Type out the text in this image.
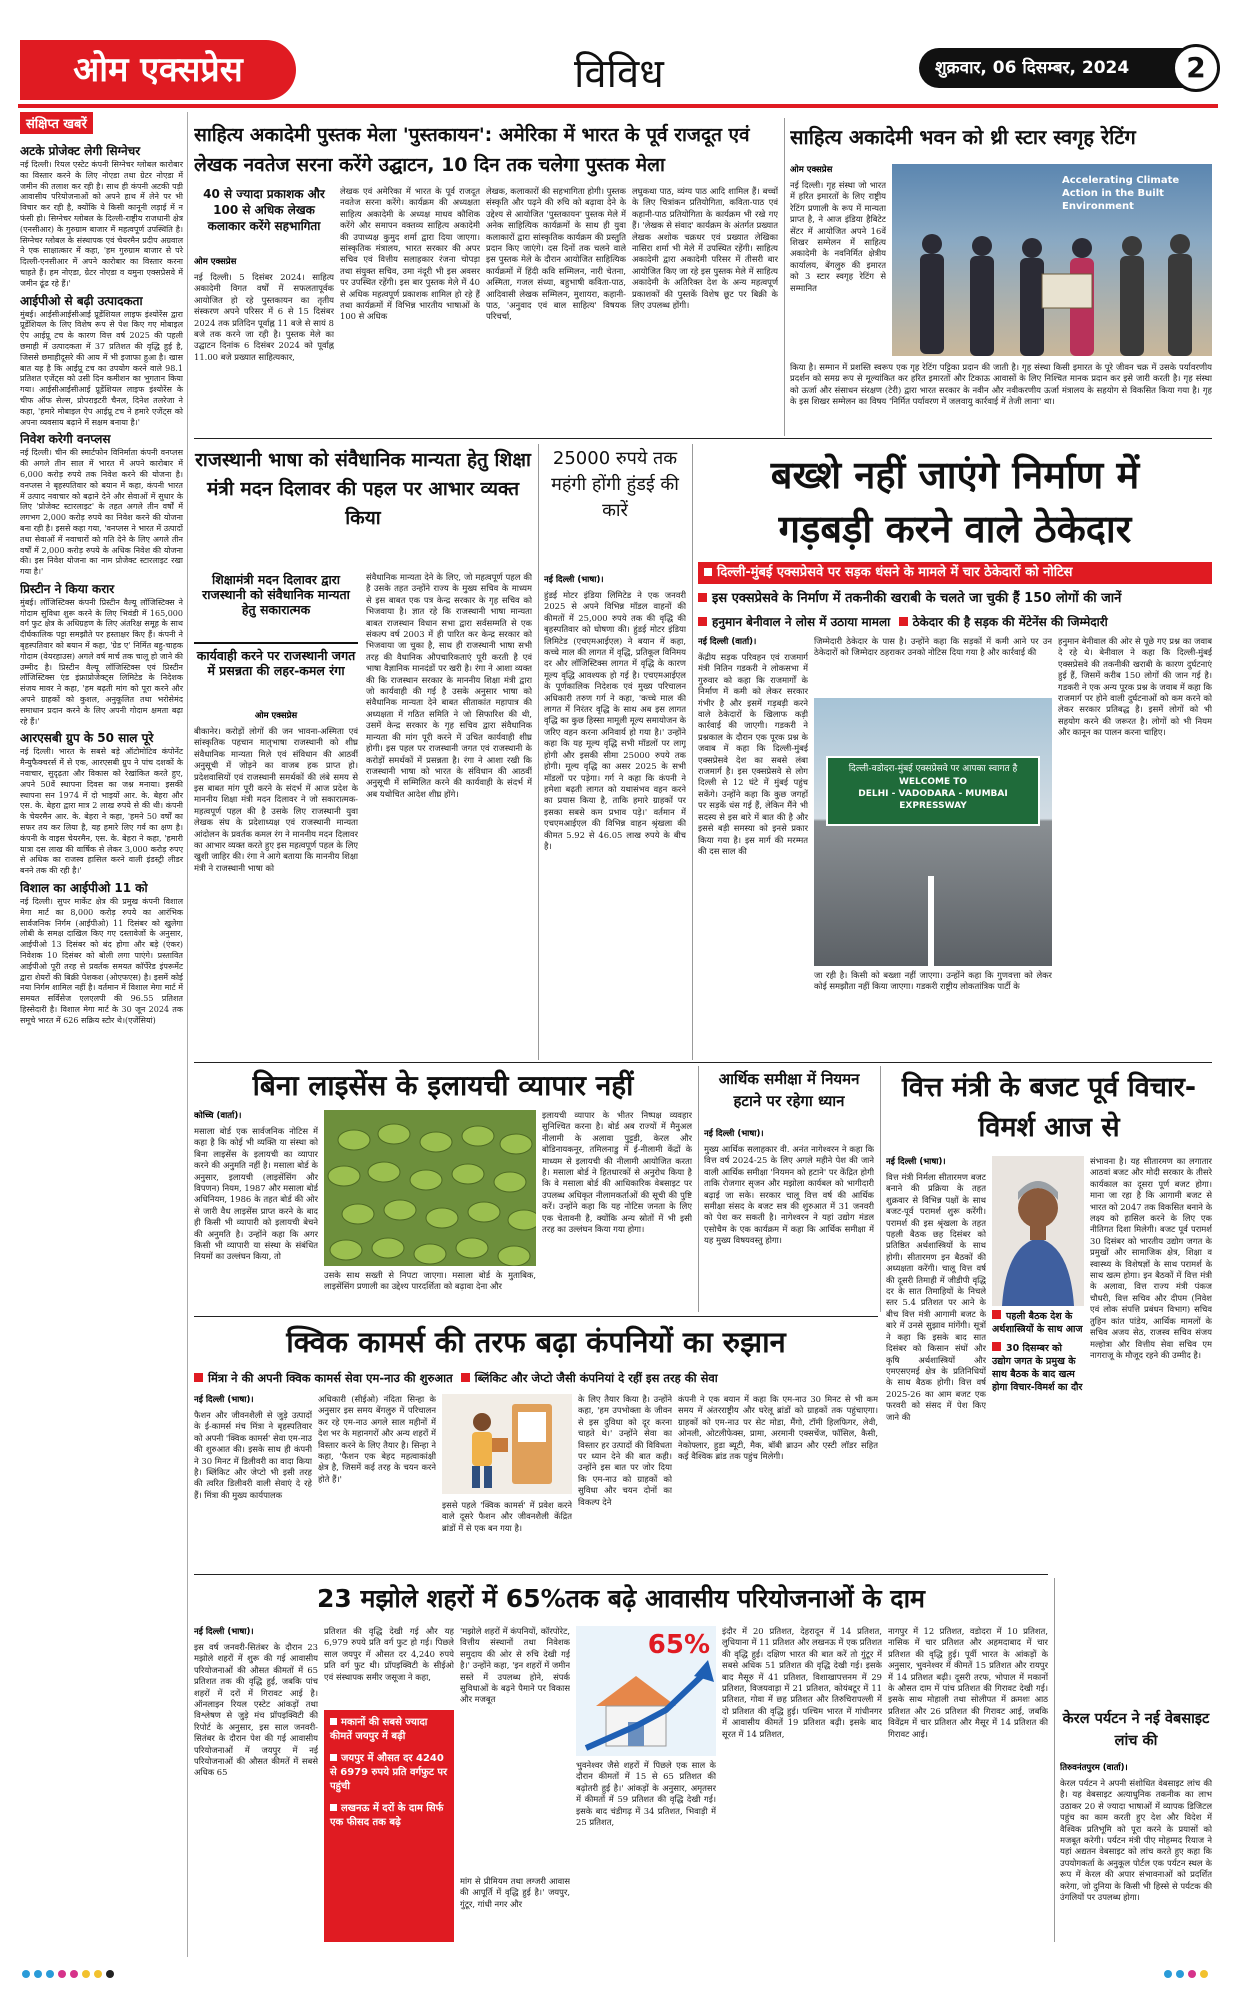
ओम एक्सप्रेस	विविध	शुक्रवार, 06 दिसम्बर, 2024	2
संक्षिप्त खबरें
अटके प्रोजेक्ट लेगी सिग्नेचर
नई दिल्ली। रियल एस्टेट कंपनी सिग्नेचर ग्लोबल कारोबार का विस्तार करने के लिए नोएडा तथा ग्रेटर नोएडा में जमीन की तलाश कर रही है। साथ ही कंपनी अटकी पड़ी आवासीय परियोजनाओं को अपने हाथ में लेने पर भी विचार कर रही है, क्योंकि ये किसी कानूनी लड़ाई में न फंसी हो। सिग्नेचर ग्लोबल के दिल्ली-राष्ट्रीय राजधानी क्षेत्र (एनसीआर) के गुरुग्राम बाजार में महत्वपूर्ण उपस्थिति है। सिग्नेचर ग्लोबल के संस्थापक एवं चेयरमैन प्रदीप अग्रवाल ने एक साक्षात्कार में कहा, 'हम गुरुग्राम बाजार से परे दिल्ली-एनसीआर में अपने कारोबार का विस्तार करना चाहते हैं। हम नोएडा, ग्रेटर नोएडा व यमुना एक्सप्रेसवे में जमीन ढूंढ रहे हैं।'
आईपीओ से बढ़ी उत्पादकता
मुंबई। आईसीआईसीआई प्रूडेंशियल लाइफ इंश्योरेंस द्वारा प्रूडेंशियल के लिए विशेष रूप से पेश किए गए मोबाइल ऐप आईप्रू टच के कारण वित्त वर्ष 2025 की पहली छमाही में उत्पादकता में 37 प्रतिशत की वृद्धि हुई है, जिससे छमाहीदूसरे की आय में भी इजाफा हुआ है। खास बात यह है कि आईप्रू टच का उपयोग करने वाले 98.1 प्रतिशत एजेंट्स को उसी दिन कमीशन का भुगतान किया गया। आईसीआईसीआई प्रूडेंशियल लाइफ इंश्योरेंस के चीफ ऑफ सेल्स, प्रोपराइटरी चैनल, दिनेश तलरेजा ने कहा, 'हमारे मोबाइल ऐप आईप्रू टच ने हमारे एजेंट्स को अपना व्यवसाय बढ़ाने में सक्षम बनाया है।'
निवेश करेगी वनप्लस
नई दिल्ली। चीन की स्मार्टफोन विनिर्माता कंपनी वनप्लस की अगले तीन साल में भारत में अपने कारोबार में 6,000 करोड़ रुपये तक निवेश करने की योजना है। वनप्लस ने बृहस्पतिवार को बयान में कहा, कंपनी भारत में उत्पाद नवाचार को बढ़ाने देने और सेवाओं में सुधार के लिए 'प्रोजेक्ट स्टारलाइट' के तहत अगले तीन वर्षों में लगभग 2,000 करोड़ रुपये का निवेश करने की योजना बना रही है। इससे कहा गया, 'वनप्लस ने भारत में उत्पादों तथा सेवाओं में नवाचारों को गति देने के लिए अगले तीन वर्षों में 2,000 करोड़ रुपये के अधिक निवेश की योजना की। इस निवेश योजना का नाम प्रोजेक्ट स्टारलाइट रखा गया है।'
प्रिस्टीन ने किया करार
मुंबई। लॉजिस्टिक्स कंपनी प्रिस्टीन वैल्यू लॉजिस्टिक्स ने गोदाम सुविधा शुरू करने के लिए भिवंडी में 165,000 वर्ग फुट क्षेत्र के अधिग्रहण के लिए अंतरिक्ष समूह के साथ दीर्घकालिक पट्टा समझौते पर हस्ताक्षर किए हैं। कंपनी ने बृहस्पतिवार को बयान में कहा, 'ग्रेड ए' निर्मित बहु-चाहक गोदाम (वेयरहाउस) अगले वर्ष मार्च तक चालू हो जाने की उम्मीद है। प्रिस्टीन वैल्यू लॉजिस्टिक्स एवं प्रिस्टीन लॉजिस्टिक्स एंड इंफ्राप्रोजेक्ट्स लिमिटेड के निदेशक संजय मावर ने कहा, 'हम बढ़ती मांग को पूरा करने और अपने ग्राहकों को कुशल, अनुकूलित तथा भरोसेमंद समाधान प्रदान करने के लिए अपनी गोदाम क्षमता बढ़ा रहे हैं।'
आरएसबी ग्रुप के 50 साल पूरे
नई दिल्ली। भारत के सबसे बड़े ऑटोमोटिव कंपोनेंट मैन्युफैक्चरर्स में से एक, आरएसबी ग्रुप ने पांच दशकों के नवाचार, सुदृढ़ता और विकास को रेखांकित करते हुए, अपने 50वें स्थापना दिवस का जश्न मनाया। इसकी स्थापना सन 1974 में दो भाइयों आर. के. बेहरा और एस. के. बेहरा द्वारा मात्र 2 लाख रुपये से की थी। कंपनी के चेयरमैन आर. के. बेहरा ने कहा, 'हमने 50 वर्षों का सफर तय कर लिया है, यह हमारे लिए गर्व का क्षण है। कंपनी के वाइस चेयरमैन, एस. के. बेहरा ने कहा, 'हमारी यात्रा दस लाख की वार्षिक से लेकर 3,000 करोड़ रुपए से अधिक का राजस्व हासिल करने वाली इंडस्ट्री लीडर बनने तक की रही है।'
विशाल का आईपीओ 11 को
नई दिल्ली। सुपर मार्केट क्षेत्र की प्रमुख कंपनी विशाल मेगा मार्ट का 8,000 करोड़ रुपये का आरंभिक सार्वजनिक निर्गम (आईपीओ) 11 दिसंबर को खुलेगा लोबी के समक्ष दाखिल किए गए दस्तावेजों के अनुसार, आईपीओ 13 दिसंबर को बंद होगा और बड़े (एंकर) निवेशक 10 दिसंबर को बोली लगा पाएंगे। प्रस्तावित आईपीओ पूरी तरह से प्रवर्तक समयत कॉर्पेरेड इंपरूमेंट द्वारा शेयरों की बिक्री पेशकश (ओएफएस) है। इसमें कोई नया निर्गम शामिल नहीं है। वर्तमान में विशाल मेगा मार्ट में समयत सर्विसेज एलएलपी की 96.55 प्रतिशत हिस्सेदारी है। विशाल मेगा मार्ट के 30 जून 2024 तक समूचे भारत में 626 सक्रिय स्टोर थे।(एजेंसियां)
साहित्य अकादेमी पुस्तक मेला 'पुस्तकायन': अमेरिका में भारत के पूर्व राजदूत एवं लेखक नवतेज सरना करेंगे उद्घाटन, 10 दिन तक चलेगा पुस्तक मेला
40 से ज्यादा प्रकाशक और 100 से अधिक लेखक कलाकार करेंगे सहभागिता
ओम एक्सप्रेस
नई दिल्ली। 5 दिसंबर 2024। साहित्य अकादेमी विगत वर्षों में सफलतापूर्वक आयोजित हो रहे पुस्तकायन का तृतीय संस्करण अपने परिसर में 6 से 15 दिसंबर 2024 तक प्रतिदिन पूर्वाह्न 11 बजे से सायं 8 बजे तक करने जा रही है। पुस्तक मेले का उद्घाटन दिनांक 6 दिसंबर 2024 को पूर्वाह्न 11.00 बजे प्रख्यात साहित्यकार,
लेखक एवं अमेरिका में भारत के पूर्व राजदूत नवतेज सरना करेंगे। कार्यक्रम की अध्यक्षता साहित्य अकादेमी के अध्यक्ष माधव कौशिक करेंगे और समापन वक्तव्य साहित्य अकादेमी की उपाध्यक्ष कुमुद शर्मा द्वारा दिया जाएगा। सांस्कृतिक मंत्रालय, भारत सरकार की अपर सचिव एवं वित्तीय सलाहकार रंजना चोपड़ा तथा संयुक्त सचिव, उमा नंदूरी भी इस अवसर पर उपस्थित रहेंगी। इस बार पुस्तक मेले में 40 से अधिक महत्वपूर्ण प्रकाशक शामिल हो रहे हैं तथा कार्यक्रमों में विभिन्न भारतीय भाषाओं के 100 से अधिक
लेखक, कलाकारों की सहभागिता होगी। पुस्तक संस्कृति और पढ़ने की रुचि को बढ़ावा देने के उद्देश्य से आयोजित 'पुस्तकायन' पुस्तक मेले में अनेक साहित्यिक कार्यक्रमों के साथ ही युवा कलाकारों द्वारा सांस्कृतिक कार्यक्रम की प्रस्तुति प्रदान किए जाएंगे। दस दिनों तक चलने वाले इस पुस्तक मेले के दौरान आयोजित साहित्यिक कार्यक्रमों में हिंदी कवि सम्मिलन, नारी चेतना, अस्मिता, गजल संध्या, बहुभाषी कविता-पाठ, आदिवासी लेखक सम्मिलन, मुशायरा, कहानी-पाठ, 'अनुवाद एवं बाल साहित्य' विषयक परिचर्चा,
लघुकथा पाठ, व्यंग्य पाठ आदि शामिल हैं। बच्चों के लिए चित्रांकन प्रतियोगिता, कविता-पाठ एवं कहानी-पाठ प्रतियोगिता के कार्यक्रम भी रखे गए हैं। 'लेखक से संवाद' कार्यक्रम के अंतर्गत प्रख्यात लेखक अशोक चक्रधर एवं प्रख्यात लेखिका नासिरा शर्मा भी मेले में उपस्थित रहेंगी। साहित्य अकादेमी द्वारा अकादेमी परिसर में तीसरी बार आयोजित किए जा रहे इस पुस्तक मेले में साहित्य अकादेमी के अतिरिक्त देश के अन्य महत्वपूर्ण प्रकाशकों की पुस्तकें विशेष छूट पर बिक्री के लिए उपलब्ध होंगी।
साहित्य अकादेमी भवन को थ्री स्टार स्वगृह रेटिंग
ओम एक्सप्रेस
नई दिल्ली। गृह संस्था जो भारत में हरित इमारतों के लिए राष्ट्रीय रेटिंग प्रणाली के रूप में मान्यता प्राप्त है, ने आज इंडिया हैबिटेट सेंटर में आयोजित अपने 16वें शिखर सम्मेलन में साहित्य अकादेमी के नवनिर्मित क्षेत्रीय कार्यालय, बेंगलुरु की इमारत को 3 स्टार स्वगृह रेटिंग से सम्मानित
Accelerating Climate Action in the Built Environment
किया है। सम्मान में प्रशस्ति स्वरूप एक गृह रेटिंग पट्टिका प्रदान की जाती है। गृह संस्था किसी इमारत के पूरे जीवन चक्र में उसके पर्यावरणीय प्रदर्शन को समग्र रूप से मूल्यांकित कर हरित इमारतों और टिकाऊ आवासों के लिए निश्चित मानक प्रदान कर इसे जारी करती है। गृह संस्था को ऊर्जा और संसाधन संरक्षण (टेरी) द्वारा भारत सरकार के नवीन और नवीकरणीय ऊर्जा मंत्रालय के सहयोग से विकसित किया गया है। गृह के इस शिखर सम्मेलन का विषय 'निर्मित पर्यावरण में जलवायु कार्रवाई में तेजी लाना' था।
राजस्थानी भाषा को संवैधानिक मान्यता हेतु शिक्षा मंत्री मदन दिलावर की पहल पर आभार व्यक्त किया
शिक्षामंत्री मदन दिलावर द्वारा राजस्थानी को संवैधानिक मान्यता हेतु सकारात्मक
कार्यवाही करने पर राजस्थानी जगत में प्रसन्नता की लहर-कमल रंगा
ओम एक्सप्रेस
बीकानेर। करोड़ों लोगों की जन भावना-अस्मिता एवं सांस्कृतिक पहचान मातृभाषा राजस्थानी को शीघ्र संवैधानिक मान्यता मिले एवं संविधान की आठवीं अनुसूची में जोड़ने का वाजब हक प्राप्त हो। प्रदेशवासियों एवं राजस्थानी समर्थकों की लंबे समय से इस बाबत मांग पूरी करने के संदर्भ में आज प्रदेश के माननीय शिक्षा मंत्री मदन दिलावर ने जो सकारात्मक-महत्वपूर्ण पहल की है उसके लिए राजस्थानी युवा लेखक संघ के प्रदेशाध्यक्ष एवं राजस्थानी मान्यता आंदोलन के प्रवर्तक कमल रंग ने माननीय मदन दिलावर का आभार व्यक्त करते हुए इस महत्वपूर्ण पहल के लिए खुशी जाहिर की। रंगा ने आगे बताया कि माननीय शिक्षा मंत्री ने राजस्थानी भाषा को
संवैधानिक मान्यता देने के लिए, जो महत्वपूर्ण पहल की है उसके तहत उन्होंने राज्य के मुख्य सचिव के माध्यम से इस बाबत एक पत्र केन्द्र सरकार के गृह सचिव को भिजवाया है। ज्ञात रहे कि राजस्थानी भाषा मान्यता बाबत राजस्थान विधान सभा द्वारा सर्वसम्मति से एक संकल्प वर्ष 2003 में ही पारित कर केन्द्र सरकार को भिजवाया जा चुका है, साथ ही राजस्थानी भाषा सभी तरह की वैधानिक औपचारिकताएं पूरी करती है एवं भाषा वैज्ञानिक मानदंडों पर खरी है। रंगा ने आशा व्यक्त की कि राजस्थान सरकार के माननीय शिक्षा मंत्री द्वारा जो कार्यवाही की गई है उसके अनुसार भाषा को संवैधानिक मान्यता देने बाबत सीताकांत महापात्र की अध्यक्षता में गठित समिति ने जो सिफारिश की थी, उसमें केन्द्र सरकार के गृह सचिव द्वारा संवैधानिक मान्यता की मांग पूरी करने में उचित कार्यवाही शीघ्र होगी। इस पहल पर राजस्थानी जगत एवं राजस्थानी के करोड़ों समर्थकों में प्रसन्नता है। रंगा ने आशा रखी कि राजस्थानी भाषा को भारत के संविधान की आठवीं अनुसूची में सम्मिलित करने की कार्यवाही के संदर्भ में अब यथोचित आदेश शीघ्र होंगे।
25000 रुपये तक महंगी होंगी हुंडई की कारें
नई दिल्ली (भाषा)।
हुंडई मोटर इंडिया लिमिटेड ने एक जनवरी 2025 से अपने विभिन्न मॉडल वाहनों की कीमतों में 25,000 रुपये तक की वृद्धि की बृहस्पतिवार को घोषणा की। हुंडई मोटर इंडिया लिमिटेड (एचएमआईएल) ने बयान में कहा, कच्चे माल की लागत में वृद्धि, प्रतिकूल विनिमय दर और लॉजिस्टिक्स लागत में वृद्धि के कारण मूल्य वृद्धि आवश्यक हो गई है। एचएमआईएल के पूर्णकालिक निदेशक एवं मुख्य परिचालन अधिकारी तरुण गर्ग ने कहा, 'कच्चे माल की लागत में निरंतर वृद्धि के साथ अब इस लागत वृद्धि का कुछ हिस्सा मामूली मूल्य समायोजन के जरिए वहन करना अनिवार्य हो गया है।' उन्होंने कहा कि यह मूल्य वृद्धि सभी मॉडलों पर लागू होगी और इसकी सीमा 25000 रुपये तक होगी। मूल्य वृद्धि का असर 2025 के सभी मॉडलों पर पड़ेगा। गर्ग ने कहा कि कंपनी ने हमेशा बढ़ती लागत को यथासंभव वहन करने का प्रयास किया है, ताकि हमारे ग्राहकों पर इसका सबसे कम प्रभाव पड़े।' वर्तमान में एचएमआईएल की विभिन्न वाहन श्रृंखला की कीमत 5.92 से 46.05 लाख रुपये के बीच है।
बख्शे नहीं जाएंगे निर्माण में
गड़बड़ी करने वाले ठेकेदार
दिल्ली-मुंबई एक्सप्रेसवे पर सड़क धंसने के मामले में चार ठेकेदारों को नोटिस
इस एक्सप्रेसवे के निर्माण में तकनीकी खराबी के चलते जा चुकी हैं 150 लोगों की जानें
हनुमान बेनीवाल ने लोस में उठाया मामला ठेकेदार की है सड़क की मेंटेनेंस की जिम्मेदारी
नई दिल्ली (वार्ता)।
केंद्रीय सड़क परिवहन एवं राजमार्ग मंत्री नितिन गडकरी ने लोकसभा में गुरुवार को कहा कि राजमार्गों के निर्माण में कमी को लेकर सरकार गंभीर है और इसमें गड़बड़ी करने वाले ठेकेदारों के खिलाफ कड़ी कार्रवाई की जाएगी। गडकरी ने प्रश्नकाल के दौरान एक पूरक प्रश्न के जवाब में कहा कि दिल्ली-मुंबई एक्सप्रेसवे देश का सबसे लंबा राजमार्ग है। इस एक्सप्रेसवे से लोग दिल्ली से 12 घंटे में मुंबई पहुंच सकेंगे। उन्होंने कहा कि कुछ जगहों पर सड़कें धंस गई हैं, लेकिन मैंने भी सदस्य से इस बारे में बात की है और इससे बड़ी समस्या को इनसे प्रकार किया गया है। इस मार्ग की मरम्मत की दस साल की
जिम्मेदारी ठेकेदार के पास है। उन्होंने कहा कि सड़कों में कमी आने पर उन ठेकेदारों को जिम्मेदार ठहराकर उनको नोटिस दिया गया है और कार्रवाई की
दिल्ली-वडोदरा-मुंबई एक्सप्रेसवे पर आपका स्वागत है
WELCOME TO
DELHI - VADODARA - MUMBAI EXPRESSWAY
जा रही है। किसी को बख्शा नहीं जाएगा। उन्होंने कहा कि गुणवत्ता को लेकर कोई समझौता नहीं किया जाएगा। गडकरी राष्ट्रीय लोकतांत्रिक पार्टी के
हनुमान बेनीवाल की ओर से पूछे गए प्रश्न का जवाब दे रहे थे। बेनीवाल ने कहा कि दिल्ली-मुंबई एक्सप्रेसवे की तकनीकी खराबी के कारण दुर्घटनाएं हुई हैं, जिसमें करीब 150 लोगों की जान गई है। गडकरी ने एक अन्य पूरक प्रश्न के जवाब में कहा कि राजमार्ग पर होने वाली दुर्घटनाओं को कम करने को लेकर सरकार प्रतिबद्ध है। इसमें लोगों को भी सहयोग करने की जरूरत है। लोगों को भी नियम और कानून का पालन करना चाहिए।
बिना लाइसेंस के इलायची व्यापार नहीं
कोच्चि (वार्ता)।
मसाला बोर्ड एक सार्वजनिक नोटिस में कहा है कि कोई भी व्यक्ति या संस्था को बिना लाइसेंस के इलायची का व्यापार करने की अनुमति नहीं है। मसाला बोर्ड के अनुसार, इलायची (लाइसेंसिंग और विपणन) नियम, 1987 और मसाला बोर्ड अधिनियम, 1986 के तहत बोर्ड की ओर से जारी वैध लाइसेंस प्राप्त करने के बाद ही किसी भी व्यापारी को इलायची बेचने की अनुमति है। उन्होंने कहा कि अगर किसी भी व्यापारी या संस्था के संबंधित नियमों का उल्लंघन किया, तो
उसके साथ सख्ती से निपटा जाएगा। मसाला बोर्ड के मुताबिक, लाइसेंसिंग प्रणाली का उद्देश्य पारदर्शिता को बढ़ावा देना और
इलायची व्यापार के भीतर निष्पक्ष व्यवहार सुनिश्चित करना है। बोर्ड अब राज्यों में मैनुअल नीलामी के अलावा पुट्टडी, केरल और बोडिनायकनूर, तमिलनाडु में ई-नीलामी केंद्रों के माध्यम से इलायची की नीलामी आयोजित करता है। मसाला बोर्ड ने हितधारकों से अनुरोध किया है कि वे मसाला बोर्ड की आधिकारिक वेबसाइट पर उपलब्ध अधिकृत नीलामकर्ताओं की सूची की पुष्टि करें। उन्होंने कहा कि यह नोटिस जनता के लिए एक चेतावनी है, क्योंकि अन्य स्रोतों में भी इसी तरह का उल्लंघन किया गया होगा।
आर्थिक समीक्षा में नियमन हटाने पर रहेगा ध्यान
नई दिल्ली (भाषा)।
मुख्य आर्थिक सलाहकार वी. अनंत नागेश्वरन ने कहा कि वित्त वर्ष 2024-25 के लिए अगले महीने पेश की जाने वाली आर्थिक समीक्षा 'नियमन को हटाने' पर केंद्रित होगी ताकि रोजगार सृजन और मझोला कार्यबल को भागीदारी बढ़ाई जा सके। सरकार चालू वित्त वर्ष की आर्थिक समीक्षा संसद के बजट सत्र की शुरुआत में 31 जनवरी को पेश कर सकती है। नागेश्वरन ने यहां उद्योग मंडल एसोचैम के एक कार्यक्रम में कहा कि आर्थिक समीक्षा में यह मुख्य विषयवस्तु होगा।
वित्त मंत्री के बजट पूर्व विचार-विमर्श आज से
नई दिल्ली (भाषा)।
वित्त मंत्री निर्मला सीतारमण बजट बनाने की प्रक्रिया के तहत शुक्रवार से विभिन्न पक्षों के साथ बजट-पूर्व परामर्श शुरू करेंगी। परामर्श की इस श्रृंखला के तहत पहली बैठक छह दिसंबर को प्रतिष्ठित अर्थशास्त्रियों के साथ होगी। सीतारमण इन बैठकों की अध्यक्षता करेंगी। चालू वित्त वर्ष की दूसरी तिमाही में जीडीपी वृद्धि दर के सात तिमाहियों के निचले स्तर 5.4 प्रतिशत पर आने के बीच वित्त मंत्री आगामी बजट के बारे में उनसे सुझाव मांगेंगी। सूत्रों ने कहा कि इसके बाद सात दिसंबर को किसान संघों और कृषि अर्थशास्त्रियों और एमएसएमई क्षेत्र के प्रतिनिधियों के साथ बैठक होगी। वित्त वर्ष 2025-26 का आम बजट एक फरवरी को संसद में पेश किए जाने की
पहली बैठक देश के अर्थशास्त्रियों के साथ आज
30 दिसम्बर को उद्योग जगत के प्रमुख के साथ बैठक के बाद खत्म होगा विचार-विमर्श का दौर
संभावना है। यह सीतारमण का लगातार आठवां बजट और मोदी सरकार के तीसरे कार्यकाल का दूसरा पूर्ण बजट होगा। माना जा रहा है कि आगामी बजट से भारत को 2047 तक विकसित बनाने के लक्ष्य को हासिल करने के लिए एक नीतिगत दिशा मिलेगी। बजट पूर्व परामर्श 30 दिसंबर को भारतीय उद्योग जगत के प्रमुखों और सामाजिक क्षेत्र, शिक्षा व स्वास्थ्य के विशेषज्ञों के साथ परामर्श के साथ खत्म होगा। इन बैठकों में वित्त मंत्री के अलावा, वित्त राज्य मंत्री पंकज चौधरी, वित्त सचिव और दीपम (निवेश एवं लोक संपत्ति प्रबंधन विभाग) सचिव तुहिन कांत पांडेय, आर्थिक मामलों के सचिव अजय सेठ, राजस्व सचिव संजय मल्होत्रा और वित्तीय सेवा सचिव एम नागराजू के मौजूद रहने की उम्मीद है।
क्विक कामर्स की तरफ बढ़ा कंपनियों का रुझान
मिंत्रा ने की अपनी क्विक कामर्स सेवा एम-नाउ की शुरुआत ब्लिंकिट और जेप्टो जैसी कंपनियां दे रहीं इस तरह की सेवा
नई दिल्ली (भाषा)।
फैशन और जीवनशैली से जुड़े उत्पादों के ई-कामर्स मंच मिंत्रा ने बृहस्पतिवार को अपनी 'क्विक कामर्स' सेवा एम-नाउ की शुरुआत की। इसके साथ ही कंपनी ने 30 मिनट में डिलीवरी का वादा किया है। ब्लिंकिट और जेप्टो भी इसी तरह की त्वरित डिलीवरी वाली सेवाएं दे रहे हैं। मिंत्रा की मुख्य कार्यपालक
अधिकारी (सीईओ) नंदिता सिन्हा के अनुसार इस समय बेंगलुरु में परिचालन कर रहे एम-नाउ अगले साल महीनों में देश भर के महानगरों और अन्य शहरों में विस्तार करने के लिए तैयार है। सिन्हा ने कहा, 'फैशन एक बेहद महत्वाकांक्षी क्षेत्र है, जिसमें कई तरह के चयन करने होते हैं।'
के लिए तैयार किया है। उन्होंने कहा, 'हम उपभोक्ता के जीवन से इस दुविधा को दूर करना चाहते थे।' उन्होंने सेवा का विस्तार हर उत्पादों की विविधता पर ध्यान देने की बात कही। उन्होंने इस बात पर जोर दिया कि एम-नाउ को ग्राहकों को सुविधा और चयन दोनों का विकल्प देने
इससे पहले 'क्विक कामर्स' में प्रवेश करने वाले दूसरे फैशन और जीवनशैली केंद्रित ब्रांडों में से एक बन गया है।
कंपनी ने एक बयान में कहा कि एम-नाउ 30 मिनट से भी कम समय में अंतरराष्ट्रीय और घरेलू ब्रांडों को ग्राहकों तक पहुंचाएगा। ग्राहकों को एम-नाउ पर सेट मोडा, मैंगो, टॉमी हिलफिगर, लेवी, ओनली, ओटलीफेक्स, प्रामा, अरमानी एक्सचेंज, फॉसिल, कैसी, नेकोफ्लार, हुडा ब्यूटी, मैक, बॉबी ब्राउन और एस्टी लॉडर सहित कई वैश्विक ब्रांड तक पहुंच मिलेगी।
23 मझोले शहरों में 65%तक बढ़े आवासीय परियोजनाओं के दाम
नई दिल्ली (भाषा)।
इस वर्ष जनवरी-सितंबर के दौरान 23 मझोले शहरों में शुरू की गई आवासीय परियोजनाओं की औसत कीमतों में 65 प्रतिशत तक की वृद्धि हुई, जबकि पांच शहरों में दरों में गिरावट आई है। ऑनलाइन रियल एस्टेट आंकड़ों तथा विश्लेषण से जुड़े मंच प्रॉपइक्विटी की रिपोर्ट के अनुसार, इस साल जनवरी-सितंबर के दौरान पेश की गई आवासीय परियोजनाओं में जयपुर में नई परियोजनाओं की औसत कीमतें में सबसे अधिक 65
प्रतिशत की वृद्धि देखी गई और यह 6,979 रुपये प्रति वर्ग फुट हो गई। पिछले साल जयपुर में औसत दर 4,240 रुपये प्रति वर्ग फुट थी। प्रॉपइक्विटी के सीईओ एवं संस्थापक समीर जसूजा ने कहा,
मकानों की सबसे ज्यादा कीमतें जयपुर में बढ़ी
जयपुर में औसत दर 4240 से 6979 रुपये प्रति वर्गफुट पर पहुंची
लखनऊ में दरों के दाम सिर्फ एक फीसद तक बढ़े
'मझोले शहरों में कंपनियों, कॉरपोरेट, वित्तीय संस्थानों तथा निवेशक समुदाय की ओर से रुचि देखी गई है।' उन्होंने कहा, 'इन शहरों में जमीन सस्ते में उपलब्ध होने, संपर्क सुविधाओं के बढ़ने पैमाने पर विकास और मजबूत
मांग से प्रीमियम तथा लग्जरी आवास की आपूर्ति में वृद्धि हुई है।' जयपुर, गुंटूर, गांधी नगर और
65%
भुवनेश्वर जैसे शहरों में पिछले एक साल के दौरान कीमतों में 15 से 65 प्रतिशत की बढ़ोतरी हुई है।' आंकड़ों के अनुसार, अमृतसर में कीमतों में 59 प्रतिशत की वृद्धि देखी गई। इसके बाद चंडीगढ़ में 34 प्रतिशत, भिवाड़ी में 25 प्रतिशत,
इंदौर में 20 प्रतिशत, देहरादून में 14 प्रतिशत, लुधियाना में 11 प्रतिशत और लखनऊ में एक प्रतिशत की वृद्धि हुई। दक्षिण भारत की बात करें तो गुंटूर में सबसे अधिक 51 प्रतिशत की वृद्धि देखी गई। इसके बाद मैसूरु में 41 प्रतिशत, विशाखापत्तनम में 29 प्रतिशत, विजयवाड़ा में 21 प्रतिशत, कोयंबटूर में 11 प्रतिशत, गोवा में छह प्रतिशत और तिरुचिरापल्ली में दो प्रतिशत की वृद्धि हुई। पश्चिम भारत में गांधीनगर में आवासीय कीमतें 19 प्रतिशत बढ़ी। इसके बाद सूरत में 14 प्रतिशत,
नागपुर में 12 प्रतिशत, वडोदरा में 10 प्रतिशत, नासिक में चार प्रतिशत और अहमदाबाद में चार प्रतिशत की वृद्धि हुई। पूर्वी भारत के आंकड़ों के अनुसार, भुवनेश्वर में कीमतें 15 प्रतिशत और रायपुर में 14 प्रतिशत बढ़ी। दूसरी तरफ, भोपाल में मकानों के औसत दाम में पांच प्रतिशत की गिरावट देखी गई। इसके साथ मोहाली तथा सोलीपत में क्रमशः आठ प्रतिशत और 26 प्रतिशत की गिरावट आई, जबकि विवेंद्रम में चार प्रतिशत और मैसूर में 14 प्रतिशत की गिरावट आई।
केरल पर्यटन ने नई वेबसाइट लांच की
तिरुवनंतपुरम (वार्ता)।
केरल पर्यटन ने अपनी संशोधित वेबसाइट लांच की है। यह वेबसाइट अत्याधुनिक तकनीक का लाभ उठाकर 20 से ज्यादा भाषाओं में व्यापक डिजिटल पहुंच का काम करती हुए देश और विदेश में वैश्विक प्रतिभूमि को पूरा करने के प्रयासों को मजबूत करेगी। पर्यटन मंत्री पीए मोहम्मद रियाज ने यहां अद्यतन वेबसाइट को लांच करते हुए कहा कि उपयोगकर्ता के अनुकूल पोर्टल एक पर्यटन स्थल के रूप में केरल की अपार संभावनाओं को प्रदर्शित करेगा, जो दुनिया के किसी भी हिस्से से पर्यटक की उंगलियों पर उपलब्ध होगा।
